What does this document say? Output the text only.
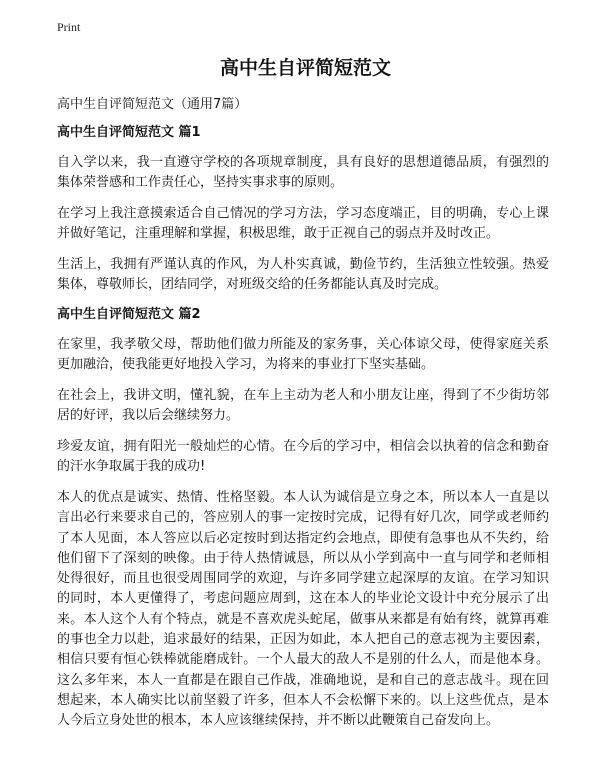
Print
高中生自评简短范文
高中生自评简短范文（通用7篇）
高中生自评简短范文 篇1

自入学以来，我一直遵守学校的各项规章制度，具有良好的思想道德品质，有强烈的集体荣誉感和工作责任心，坚持实事求事的原则。

在学习上我注意摸索适合自己情况的学习方法，学习态度端正，目的明确，专心上课并做好笔记，注重理解和掌握，积极思维，敢于正视自己的弱点并及时改正。

生活上，我拥有严谨认真的作风，为人朴实真诚，勤俭节约，生活独立性较强。热爱集体，尊敬师长，团结同学，对班级交给的任务都能认真及时完成。

高中生自评简短范文 篇2

在家里，我孝敬父母，帮助他们做力所能及的家务事，关心体谅父母，使得家庭关系更加融洽，使我能更好地投入学习，为将来的事业打下坚实基础。

在社会上，我讲文明，懂礼貌，在车上主动为老人和小朋友让座，得到了不少街坊邻居的好评，我以后会继续努力。

珍爱友谊，拥有阳光一般灿烂的心情。在今后的学习中，相信会以执着的信念和勤奋的汗水争取属于我的成功!

本人的优点是诚实、热情、性格坚毅。本人认为诚信是立身之本，所以本人一直是以言出必行来要求自己的，答应别人的事一定按时完成，记得有好几次，同学或老师约了本人见面，本人答应以后必定按时到达指定约会地点，即使有急事也从不失约，给他们留下了深刻的映像。由于待人热情诚恳，所以从小学到高中一直与同学和老师相处得很好，而且也很受周围同学的欢迎，与许多同学建立起深厚的友谊。在学习知识的同时，本人更懂得了，考虑问题应周到，这在本人的毕业论文设计中充分展示了出来。本人这个人有个特点，就是不喜欢虎头蛇尾，做事从来都是有始有终，就算再难的事也全力以赴，追求最好的结果，正因为如此，本人把自己的意志视为主要因素，相信只要有恒心铁棒就能磨成针。一个人最大的敌人不是别的什么人，而是他本身。这么多年来，本人一直都是在跟自己作战，准确地说，是和自己的意志战斗。现在回想起来，本人确实比以前坚毅了许多，但本人不会松懈下来的。以上这些优点，是本人今后立身处世的根本，本人应该继续保持，并不断以此鞭策自己奋发向上。
